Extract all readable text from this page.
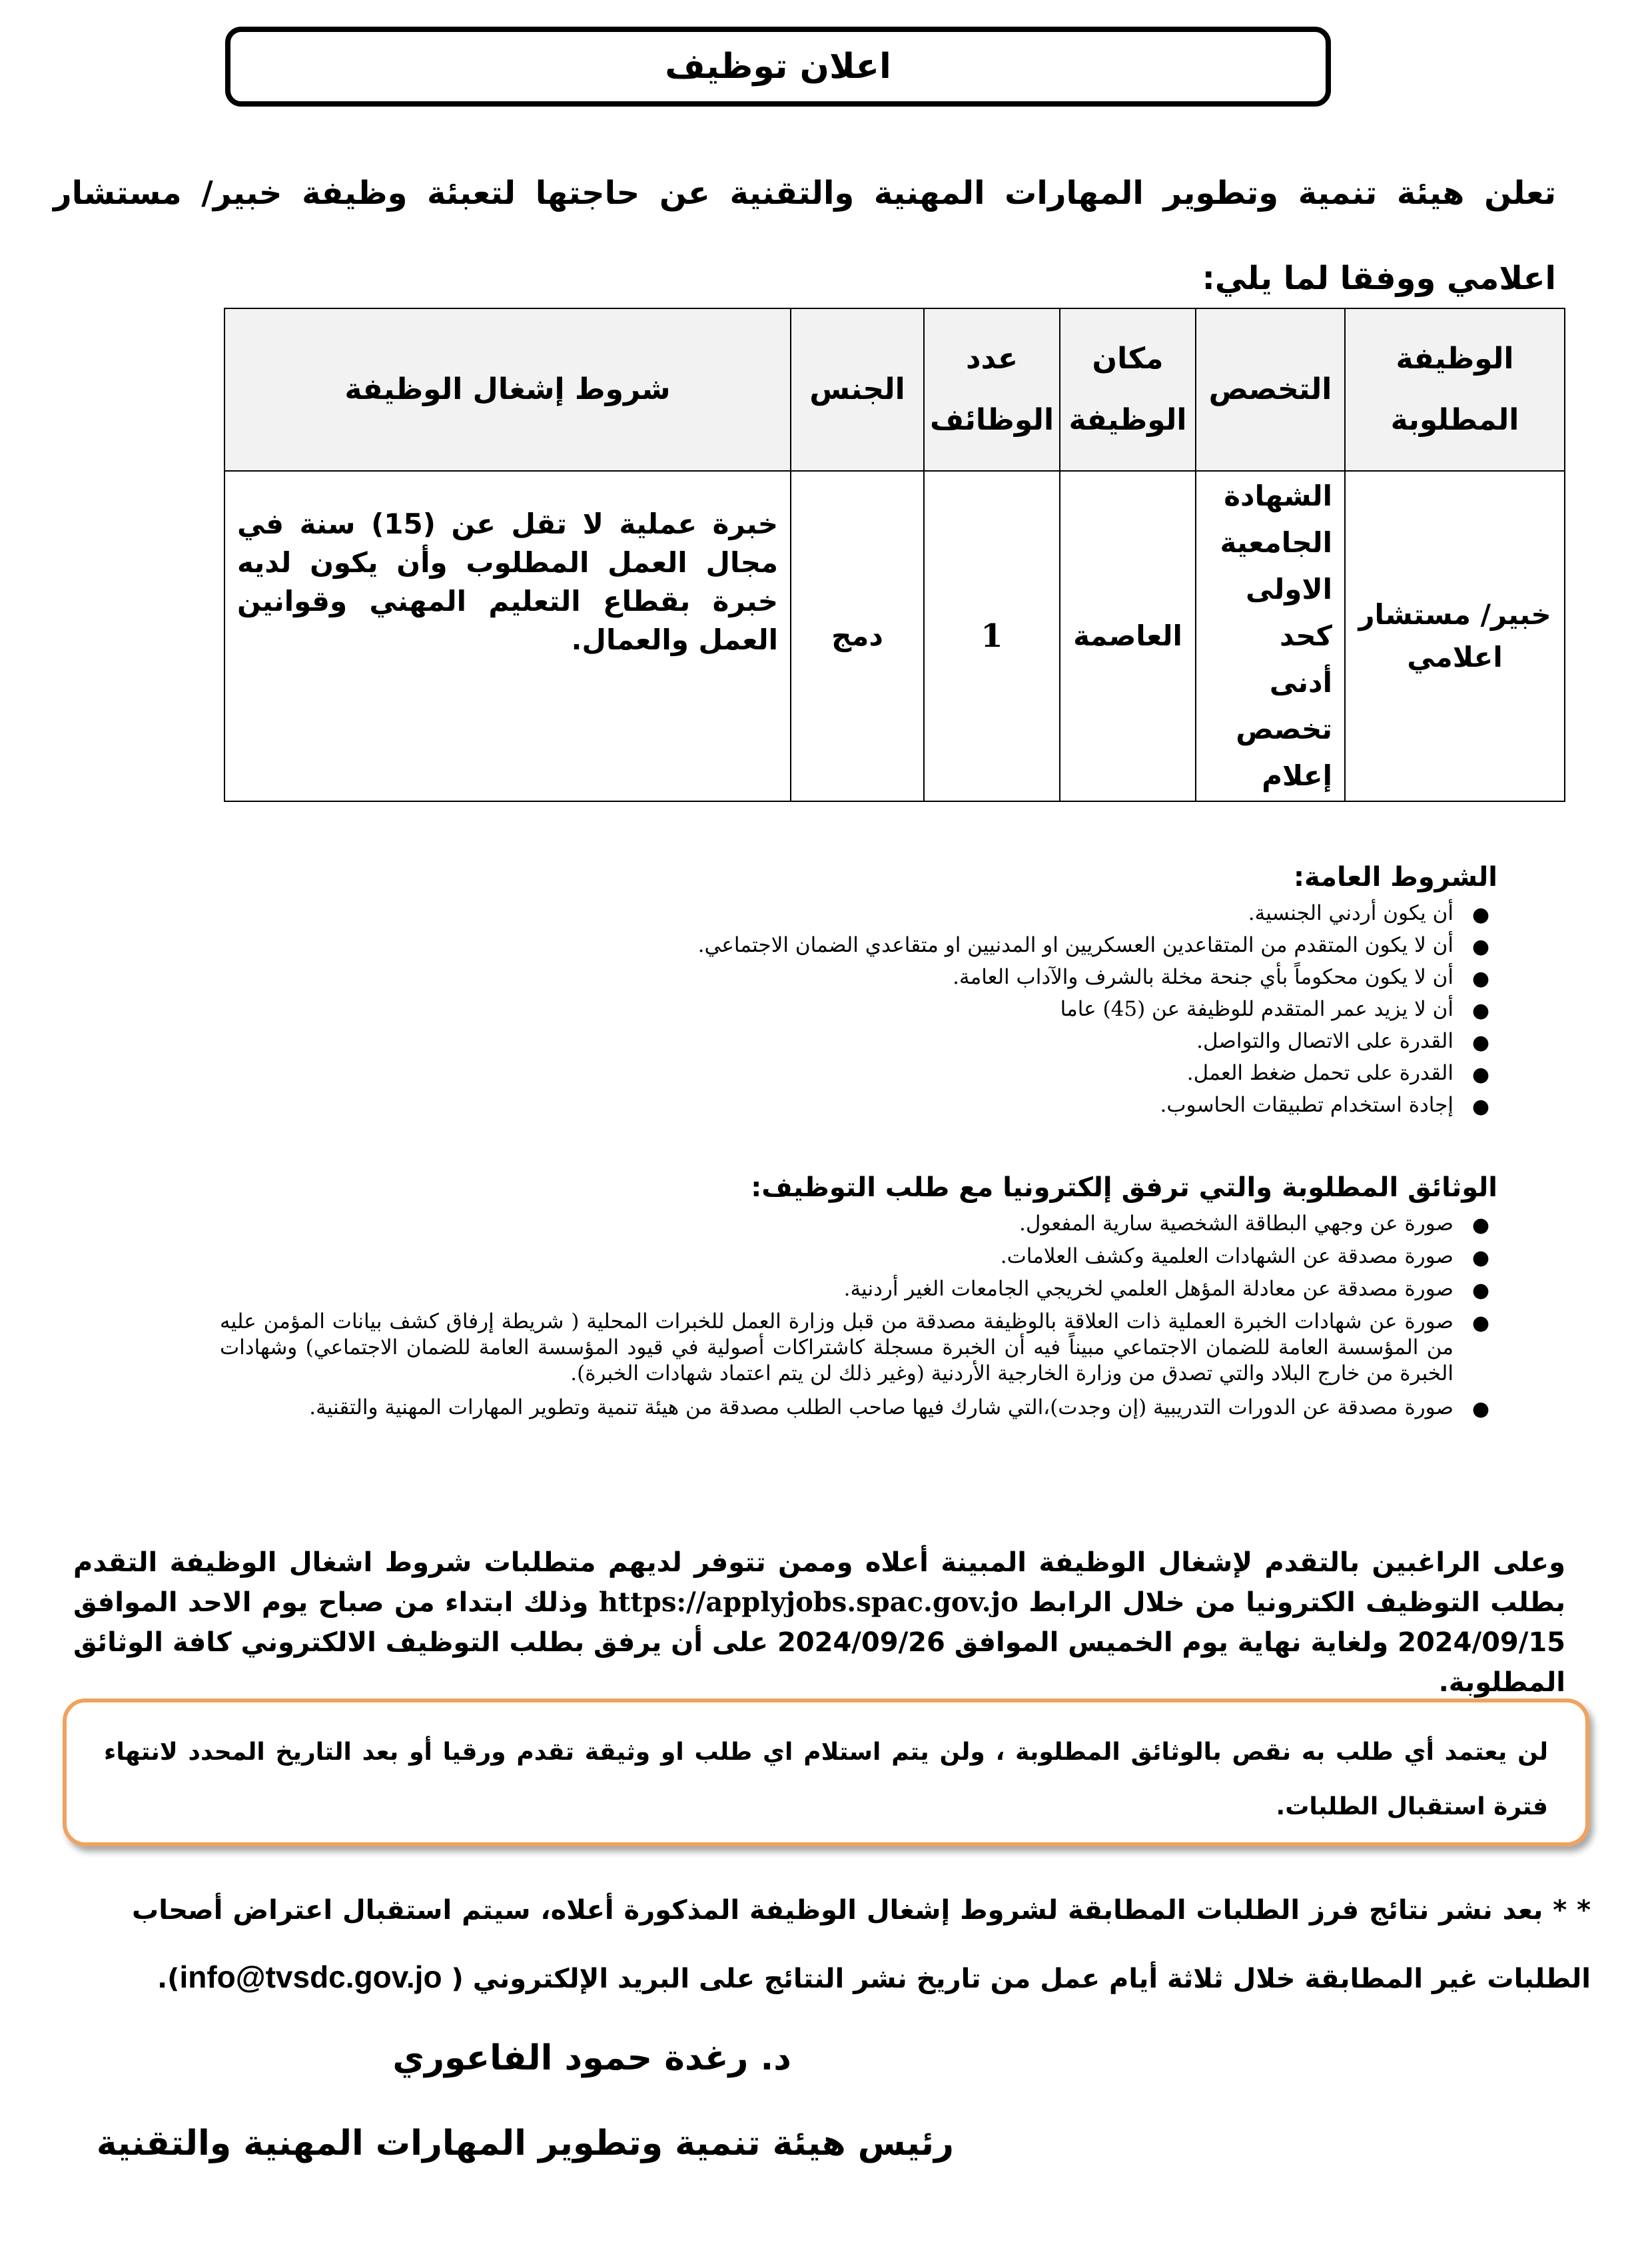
اعلان توظيف
تعلن هيئة تنمية وتطوير المهارات المهنية والتقنية عن حاجتها لتعبئة وظيفة خبير/ مستشار اعلامي ووفقا لما يلي:
الوظيفة المطلوبة	التخصص	مكان الوظيفة	عدد الوظائف	الجنس	شروط إشغال الوظيفة
خبير/ مستشار اعلامي	الشهادة الجامعية الاولى كحد أدنى تخصص إعلام	العاصمة	1	دمج	خبرة عملية لا تقل عن (15) سنة في مجال العمل المطلوب وأن يكون لديه خبرة بقطاع التعليم المهني وقوانين العمل والعمال.
الشروط العامة:
●
أن يكون أردني الجنسية.
●
أن لا يكون المتقدم من المتقاعدين العسكريين او المدنيين او متقاعدي الضمان الاجتماعي.
●
أن لا يكون محكوماً بأي جنحة مخلة بالشرف والآداب العامة.
●
أن لا يزيد عمر المتقدم للوظيفة عن (45) عاما
●
القدرة على الاتصال والتواصل.
●
القدرة على تحمل ضغط العمل.
●
إجادة استخدام تطبيقات الحاسوب.
الوثائق المطلوبة والتي ترفق إلكترونيا مع طلب التوظيف:
●
صورة عن وجهي البطاقة الشخصية سارية المفعول.
●
صورة مصدقة عن الشهادات العلمية وكشف العلامات.
●
صورة مصدقة عن معادلة المؤهل العلمي لخريجي الجامعات الغير أردنية.
●
صورة عن شهادات الخبرة العملية ذات العلاقة بالوظيفة مصدقة من قبل وزارة العمل للخبرات المحلية ( شريطة إرفاق كشف بيانات المؤمن عليه من المؤسسة العامة للضمان الاجتماعي مبيناً فيه أن الخبرة مسجلة كاشتراكات أصولية في قيود المؤسسة العامة للضمان الاجتماعي) وشهادات الخبرة من خارج البلاد والتي تصدق من وزارة الخارجية الأردنية (وغير ذلك لن يتم اعتماد شهادات الخبرة).
●
صورة مصدقة عن الدورات التدريبية (إن وجدت)،التي شارك فيها صاحب الطلب مصدقة من هيئة تنمية وتطوير المهارات المهنية والتقنية.
وعلى الراغبين بالتقدم لإشغال الوظيفة المبينة أعلاه وممن تتوفر لديهم متطلبات شروط اشغال الوظيفة التقدم بطلب التوظيف الكترونيا من خلال الرابط https://applyjobs.spac.gov.jo وذلك ابتداء من صباح يوم الاحد الموافق 2024/09/15 ولغاية نهاية يوم الخميس الموافق 2024/09/26 على أن يرفق بطلب التوظيف الالكتروني كافة الوثائق المطلوبة.

لن يعتمد أي طلب به نقص بالوثائق المطلوبة ، ولن يتم استلام اي طلب او وثيقة تقدم ورقيا أو بعد التاريخ المحدد لانتهاء فترة استقبال الطلبات.

* * بعد نشر نتائج فرز الطلبات المطابقة لشروط إشغال الوظيفة المذكورة أعلاه، سيتم استقبال اعتراض أصحاب الطلبات غير المطابقة خلال ثلاثة أيام عمل من تاريخ نشر النتائج على البريد الإلكتروني ( info@tvsdc.gov.jo).
د. رغدة حمود الفاعوري
رئيس هيئة تنمية وتطوير المهارات المهنية والتقنية
